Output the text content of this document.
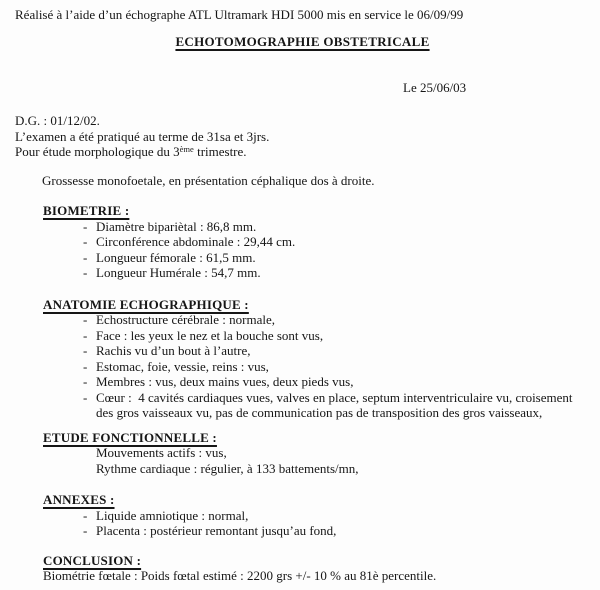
Réalisé à l’aide d’un échographe ATL Ultramark HDI 5000 mis en service le 06/09/99

ECHOTOMOGRAPHIE OBSTETRICALE

Le 25/06/03

D.G. : 01/12/02.

L’examen a été pratiqué au terme de 31sa et 3jrs.

Pour étude morphologique du 3ème trimestre.

Grossesse monofoetale, en présentation céphalique dos à droite.

BIOMETRIE :

- Diamètre bipariètal : 86,8 mm.
- Circonférence abdominale : 29,44 cm.
- Longueur fémorale : 61,5 mm.
- Longueur Humérale : 54,7 mm.

ANATOMIE ECHOGRAPHIQUE :

- Echostructure cérébrale : normale,
- Face : les yeux le nez et la bouche sont vus,
- Rachis vu d’un bout à l’autre,
- Estomac, foie, vessie, reins : vus,
- Membres : vus, deux mains vues, deux pieds vus,
- Cœur :  4 cavités cardiaques vues, valves en place, septum interventriculaire vu, croisement des gros vaisseaux vu, pas de communication pas de transposition des gros vaisseaux,

ETUDE FONCTIONNELLE :

Mouvements actifs : vus,
Rythme cardiaque : régulier, à 133 battements/mn,

ANNEXES :

- Liquide amniotique : normal,
- Placenta : postérieur remontant jusqu’au fond,

CONCLUSION :

Biométrie fœtale : Poids fœtal estimé : 2200 grs +/- 10 % au 81è percentile.
